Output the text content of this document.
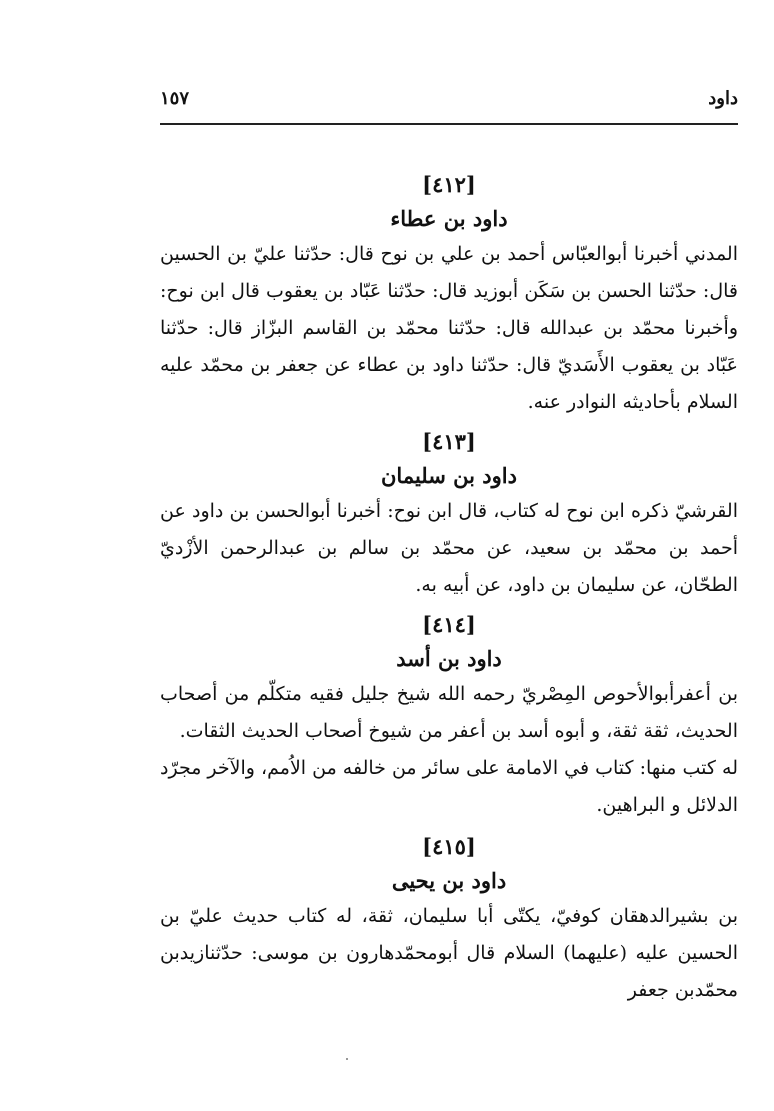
داود
١٥٧

[٤١٢]

داود بن عطاء

المدني أخبرنا أبوالعبّاس أحمد بن علي بن نوح قال: حدّثنا عليّ بن الحسين قال: حدّثنا الحسن بن سَكَن أبوزيد قال: حدّثنا عَبّاد بن يعقوب قال ابن نوح: وأخبرنا محمّد بن عبدالله قال: حدّثنا محمّد بن القاسم البزّاز قال: حدّثنا عَبّاد بن يعقوب الأَسَديّ قال: حدّثنا داود بن عطاء عن جعفر بن محمّد عليه السلام بأحاديثه النوادر عنه.

[٤١٣]

داود بن سليمان

القرشيّ ذكره ابن نوح له كتاب، قال ابن نوح: أخبرنا أبوالحسن بن داود عن أحمد بن محمّد بن سعيد، عن محمّد بن سالم بن عبدالرحمن الأزْديّ الطحّان، عن سليمان بن داود، عن أبيه به.

[٤١٤]

داود بن أسد

بن أعفرأبوالأحوص المِصْريّ رحمه الله شيخ جليل فقيه متكلّم من أصحاب الحديث، ثقة ثقة، و أبوه أسد بن أعفر من شيوخ أصحاب الحديث الثقات.

له كتب منها: كتاب في الامامة على سائر من خالفه من الاُمم، والآخر مجرّد الدلائل و البراهين.

[٤١٥]

داود بن يحيى

بن بشيرالدهقان كوفيّ، يكتّى أبا سليمان، ثقة، له كتاب حديث عليّ بن الحسين عليه (عليهما) السلام قال أبومحمّدهارون بن موسى: حدّثنازيدبن محمّدبن جعفر
